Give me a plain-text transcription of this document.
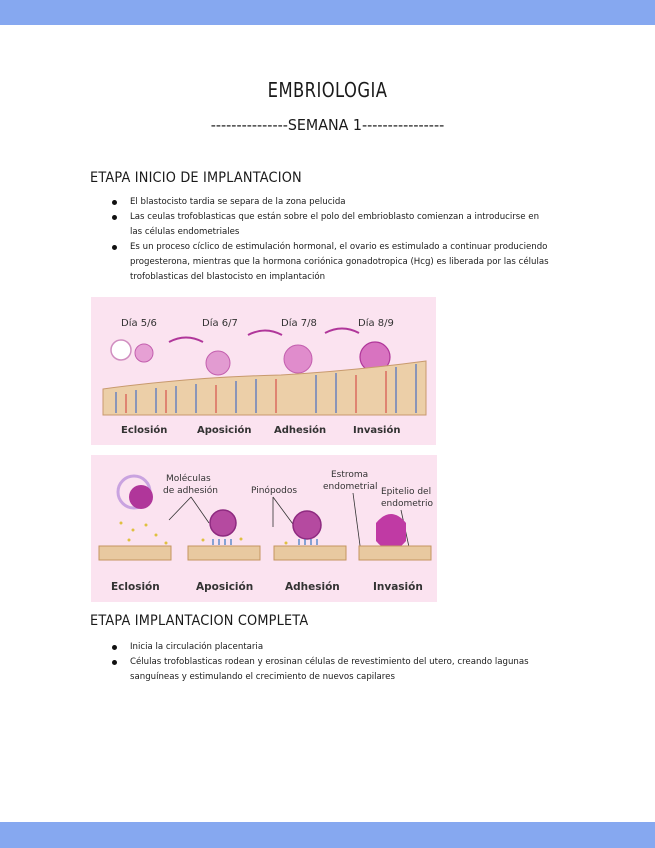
EMBRIOLOGIA
---------------SEMANA 1----------------
ETAPA INICIO DE IMPLANTACION
El blastocisto tardia se separa de la zona pelucida
Las ceulas trofoblasticas que están sobre el polo del embrioblasto comienzan a introducirse en las células endometriales
Es un proceso cíclico de estimulación hormonal, el ovario es estimulado a continuar produciendo progesterona, mientras que la hormona coriónica gonadotropica (Hcg) es liberada por las células trofoblasticas del blastocisto en implantación
Día 5/6	Día 6/7	Día 7/8	Día 8/9
Eclosión	Aposición Adhesión	Invasión
Moléculas
de adhesión	Pinópodos
Estroma
endometrial Epitelio del
endometrio
Eclosión	Aposición	Adhesión	Invasión
ETAPA IMPLANTACION COMPLETA
Inicia la circulación placentaria
Células trofoblasticas rodean y erosinan células de revestimiento del utero, creando lagunas sanguíneas y estimulando el crecimiento de nuevos capilares
